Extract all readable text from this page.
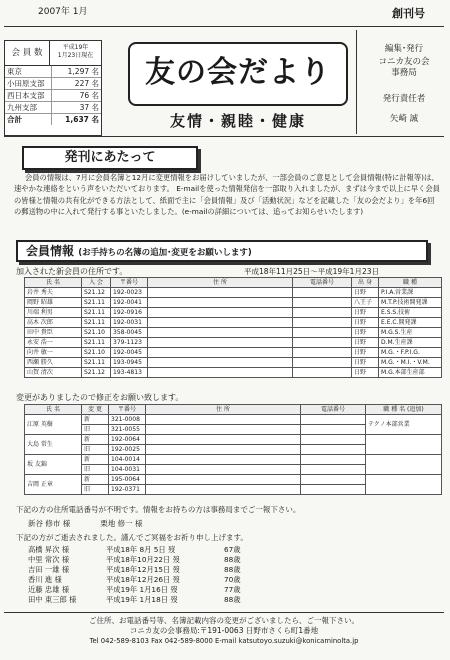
2007年 1月	創刊号
会 員 数
平成19年
1月23日現在
東京	1,297 名
小田原支部	227 名
西日本支部	76 名
九州支部	37 名
合計	1,637 名
友の会だより
友情・親睦・健康
編集･発行
コニカ友の会
事務局
発行責任者
矢崎 誠
発刊にあたって
会員の情報は、7月に会員名簿と12月に変更情報をお届けしていましたが、一部会員のご意見として会員情報(特に計報等)は、速やかな連絡をという声をいただいております。 E-mailを使った情報発信を一部取り入れましたが、まずは今まで以上に早く会員の皆様と情報の共有化ができる方法として、紙面で主に「会員情報」及び「活動状況」などを記載した「友の会だより」を年6回の郵送物の中に入れて発行する事といたしました。(e-mailの詳細については、追ってお知らせいたします)
会員情報 (お手持ちの名簿の追加･変更をお願いします)
加入された新会員の住所です。	平成18年11月25日〜平成19年1月23日
氏 名	入 会	〒番号	住 所	電話番号	出 身	職 種
岩井 秀夫	S21.12	192-0023			日野	P.I.A.営業課
岡野 昭雄	S21.11	192-0041			八王子	M.T.P.技術開発課
川端 利男	S21.11	192-0916			日野	E.S.S.技術
高木 次郎	S21.11	192-0031			日野	E.E.C.開発課
田中 貴臣	S21.10	358-0045			日野	M.G.S.生産
永安 浩一	S21.11	379-1123			日野	D.M.生産課
向井 敏一	S21.10	192-0045			日野	M.G.・F.P.I.G.
西瀬 勝久	S21.11	193-0945			日野	M.G.・M.I.・V.M.
山賀 清次	S21.12	193-4813			日野	M.G.本部生産部
変更がありましたので修正をお願い致します。
氏 名	変 更	〒番号	住 所	電話番号	職 種 名 (追加)
江原 英樹	新	321-0008			テクノ本部営業
	旧	321-0055			
大島 常生	新	192-0064			
	旧	192-0025			
坂 友錦	新	104-0014			
	旧	104-0031			
吉岡 正章	新	195-0064			
	旧	192-0371			
下記の方の住所電話番号が不明です。情報をお持ちの方は事務局までご一報下さい。
新谷 修市 様　　　　栗地 修一 様
下記の方がご逝去されました。謹んでご冥福をお祈り申し上げます。
高橋 昇次 様	平成18年 8月 5日 歿	67歳
中里 常次 様	平成18年10月22日 歿	88歳
吉田 一雄 様	平成18年12月15日 歿	88歳
香川 進 様	平成18年12月26日 歿	70歳
近藤 忠雄 様	平成19年 1月16日 歿	77歳
田中 東三郎 様	平成19年 1月18日 歿	88歳
ご住所、お電話番号等、名簿記載内容の変更がございましたら、ご一報下さい。
コニカ友の会事務局:〒191-0063 日野市さくら町1番地
Tel 042-589-8103 Fax 042-589-8000 E-mail katsutoyo.suzuki@konicaminolta.jp
